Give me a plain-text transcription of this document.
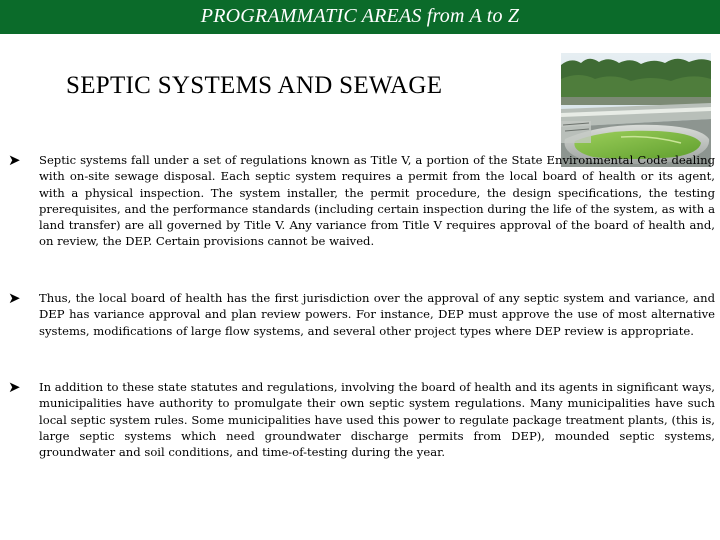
PROGRAMMATIC AREAS from A to Z
SEPTIC SYSTEMS AND SEWAGE
➤ Septic systems fall under a set of regulations known as Title V, a portion of the State Environmental Code dealing with on-site sewage disposal. Each septic system requires a permit from the local board of health or its agent, with a physical inspection. The system installer, the permit procedure, the design specifications, the testing prerequisites, and the performance standards (including certain inspection during the life of the system, as with a land transfer) are all governed by Title V. Any variance from Title V requires approval of the board of health and, on review, the DEP. Certain provisions cannot be waived.

➤ Thus, the local board of health has the first jurisdiction over the approval of any septic system and variance, and DEP has variance approval and plan review powers. For instance, DEP must approve the use of most alternative systems, modifications of large flow systems, and several other project types where DEP review is appropriate.

➤ In addition to these state statutes and regulations, involving the board of health and its agents in significant ways, municipalities have authority to promulgate their own septic system regulations. Many municipalities have such local septic system rules. Some municipalities have used this power to regulate package treatment plants, (this is, large septic systems which need groundwater discharge permits from DEP), mounded septic systems, groundwater and soil conditions, and time-of-testing during the year.
